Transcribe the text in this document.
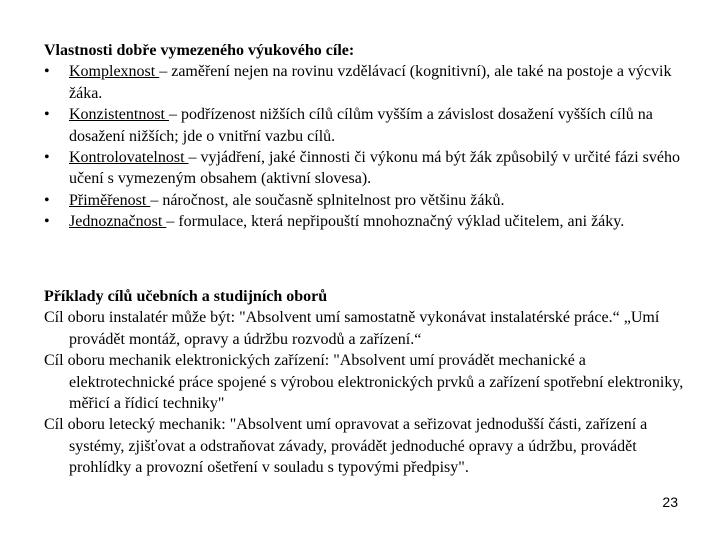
Vlastnosti dobře vymezeného výukového cíle:

• Komplexnost – zaměření nejen na rovinu vzdělávací (kognitivní), ale také na postoje a výcvik žáka.
• Konzistentnost – podřízenost nižších cílů cílům vyšším a závislost dosažení vyšších cílů na dosažení nižších; jde o vnitřní vazbu cílů.
• Kontrolovatelnost – vyjádření, jaké činnosti či výkonu má být žák způsobilý v určité fázi svého učení s vymezeným obsahem (aktivní slovesa).
• Přiměřenost – náročnost, ale současně splnitelnost pro většinu žáků.
• Jednoznačnost – formulace, která nepřipouští mnohoznačný výklad učitelem, ani žáky.

Příklady cílů učebních a studijních oborů

Cíl oboru instalatér může být: "Absolvent umí samostatně vykonávat instalatérské práce.“ „Umí provádět montáž, opravy a údržbu rozvodů a zařízení.“

Cíl oboru mechanik elektronických zařízení: "Absolvent umí provádět mechanické a elektrotechnické práce spojené s výrobou elektronických prvků a zařízení spotřební elektroniky, měřicí a řídicí techniky"

Cíl oboru letecký mechanik: "Absolvent umí opravovat a seřizovat jednodušší části, zařízení a systémy, zjišťovat a odstraňovat závady, provádět jednoduché opravy a údržbu, provádět prohlídky a provozní ošetření v souladu s typovými předpisy".

23
